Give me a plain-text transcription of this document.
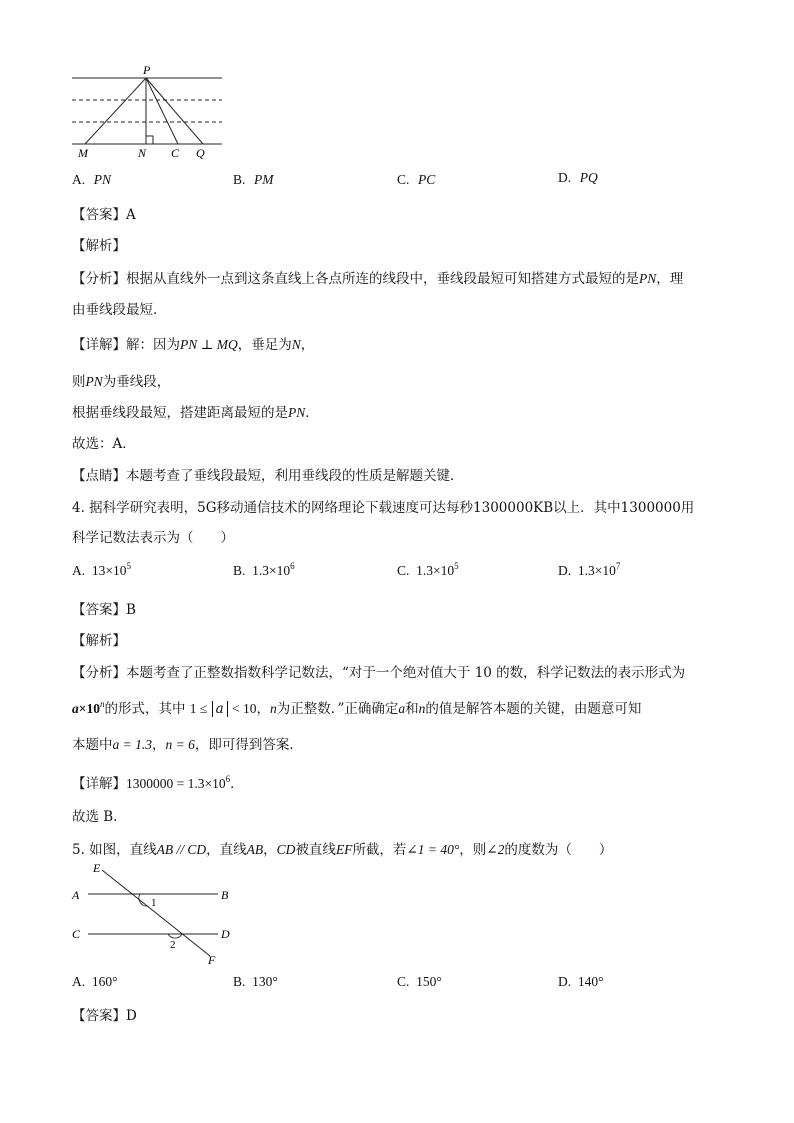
P
M	N C Q
A. PN	B. PM	C. PC	D. PQ
【答案】A
【解析】
【分析】根据从直线外一点到这条直线上各点所连的线段中，垂线段最短可知搭建方式最短的是PN，理
由垂线段最短．
【详解】解：因为PN ⊥ MQ，垂足为N，
则PN为垂线段，
根据垂线段最短，搭建距离最短的是PN．
故选：A．
【点睛】本题考查了垂线段最短，利用垂线段的性质是解题关键．
4. 据科学研究表明，5G移动通信技术的网络理论下载速度可达每秒1300000KB以上．其中1300000用
科学记数法表示为（　　）
A. $13\times 10^5$	B. $1.3\times 10^6$	C. $1.3\times 10^5$	D. $1.3\times 10^7$
【答案】B
【解析】
【分析】本题考查了正整数指数科学记数法，“对于一个绝对值大于 10 的数，科学记数法的表示形式为
$a\times 10^n$的形式，其中 1 ≤ a < 10，n为正整数．”正确确定a和n的值是解答本题的关键，由题意可知
本题中a = 1.3，n = 6，即可得到答案．
【详解】$1300000 = 1.3\times 10^6$．
故选 B．
5. 如图，直线AB // CD，直线AB，CD被直线EF所截，若∠1 = 40°，则∠2的度数为（　　）
E
A	B
C	D
F
1
2
A. 160°	B. 130°	C. 150°	D. 140°
【答案】D
